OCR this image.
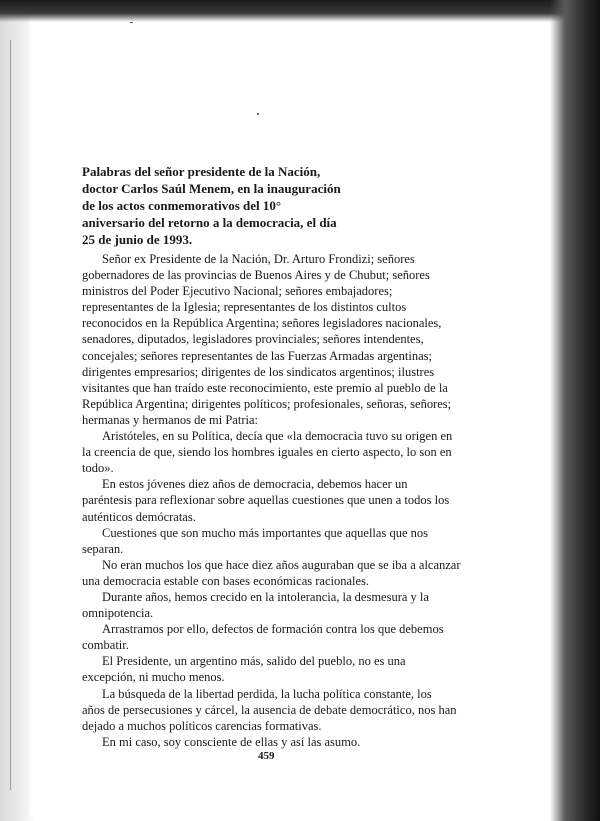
Palabras del señor presidente de la Nación,
doctor Carlos Saúl Menem, en la inauguración
de los actos conmemorativos del 10°
aniversario del retorno a la democracia, el día
25 de junio de 1993.

Señor ex Presidente de la Nación, Dr. Arturo Frondizi; señores
gobernadores de las provincias de Buenos Aires y de Chubut; señores
ministros del Poder Ejecutivo Nacional; señores embajadores;
representantes de la Iglesia; representantes de los distintos cultos
reconocidos en la República Argentina; señores legisladores nacionales,
senadores, diputados, legisladores provinciales; señores intendentes,
concejales; señores representantes de las Fuerzas Armadas argentinas;
dirigentes empresarios; dirigentes de los sindicatos argentinos; ilustres
visitantes que han traído este reconocimiento, este premio al pueblo de la
República Argentina; dirigentes políticos; profesionales, señoras, señores;
hermanas y hermanos de mi Patria:

Aristóteles, en su Política, decía que «la democracia tuvo su origen en
la creencia de que, siendo los hombres iguales en cierto aspecto, lo son en
todo».

En estos jóvenes diez años de democracia, debemos hacer un
paréntesis para reflexionar sobre aquellas cuestiones que unen a todos los
auténticos demócratas.

Cuestiones que son mucho más importantes que aquellas que nos
separan.

No eran muchos los que hace diez años auguraban que se iba a alcanzar
una democracia estable con bases económicas racionales.

Durante años, hemos crecido en la intolerancia, la desmesura y la
omnipotencia.

Arrastramos por ello, defectos de formación contra los que debemos
combatir.

El Presidente, un argentino más, salido del pueblo, no es una
excepción, ni mucho menos.

La búsqueda de la libertad perdida, la lucha política constante, los
años de persecusiones y cárcel, la ausencia de debate democrático, nos han
dejado a muchos políticos carencias formativas.

En mi caso, soy consciente de ellas y así las asumo.

459
